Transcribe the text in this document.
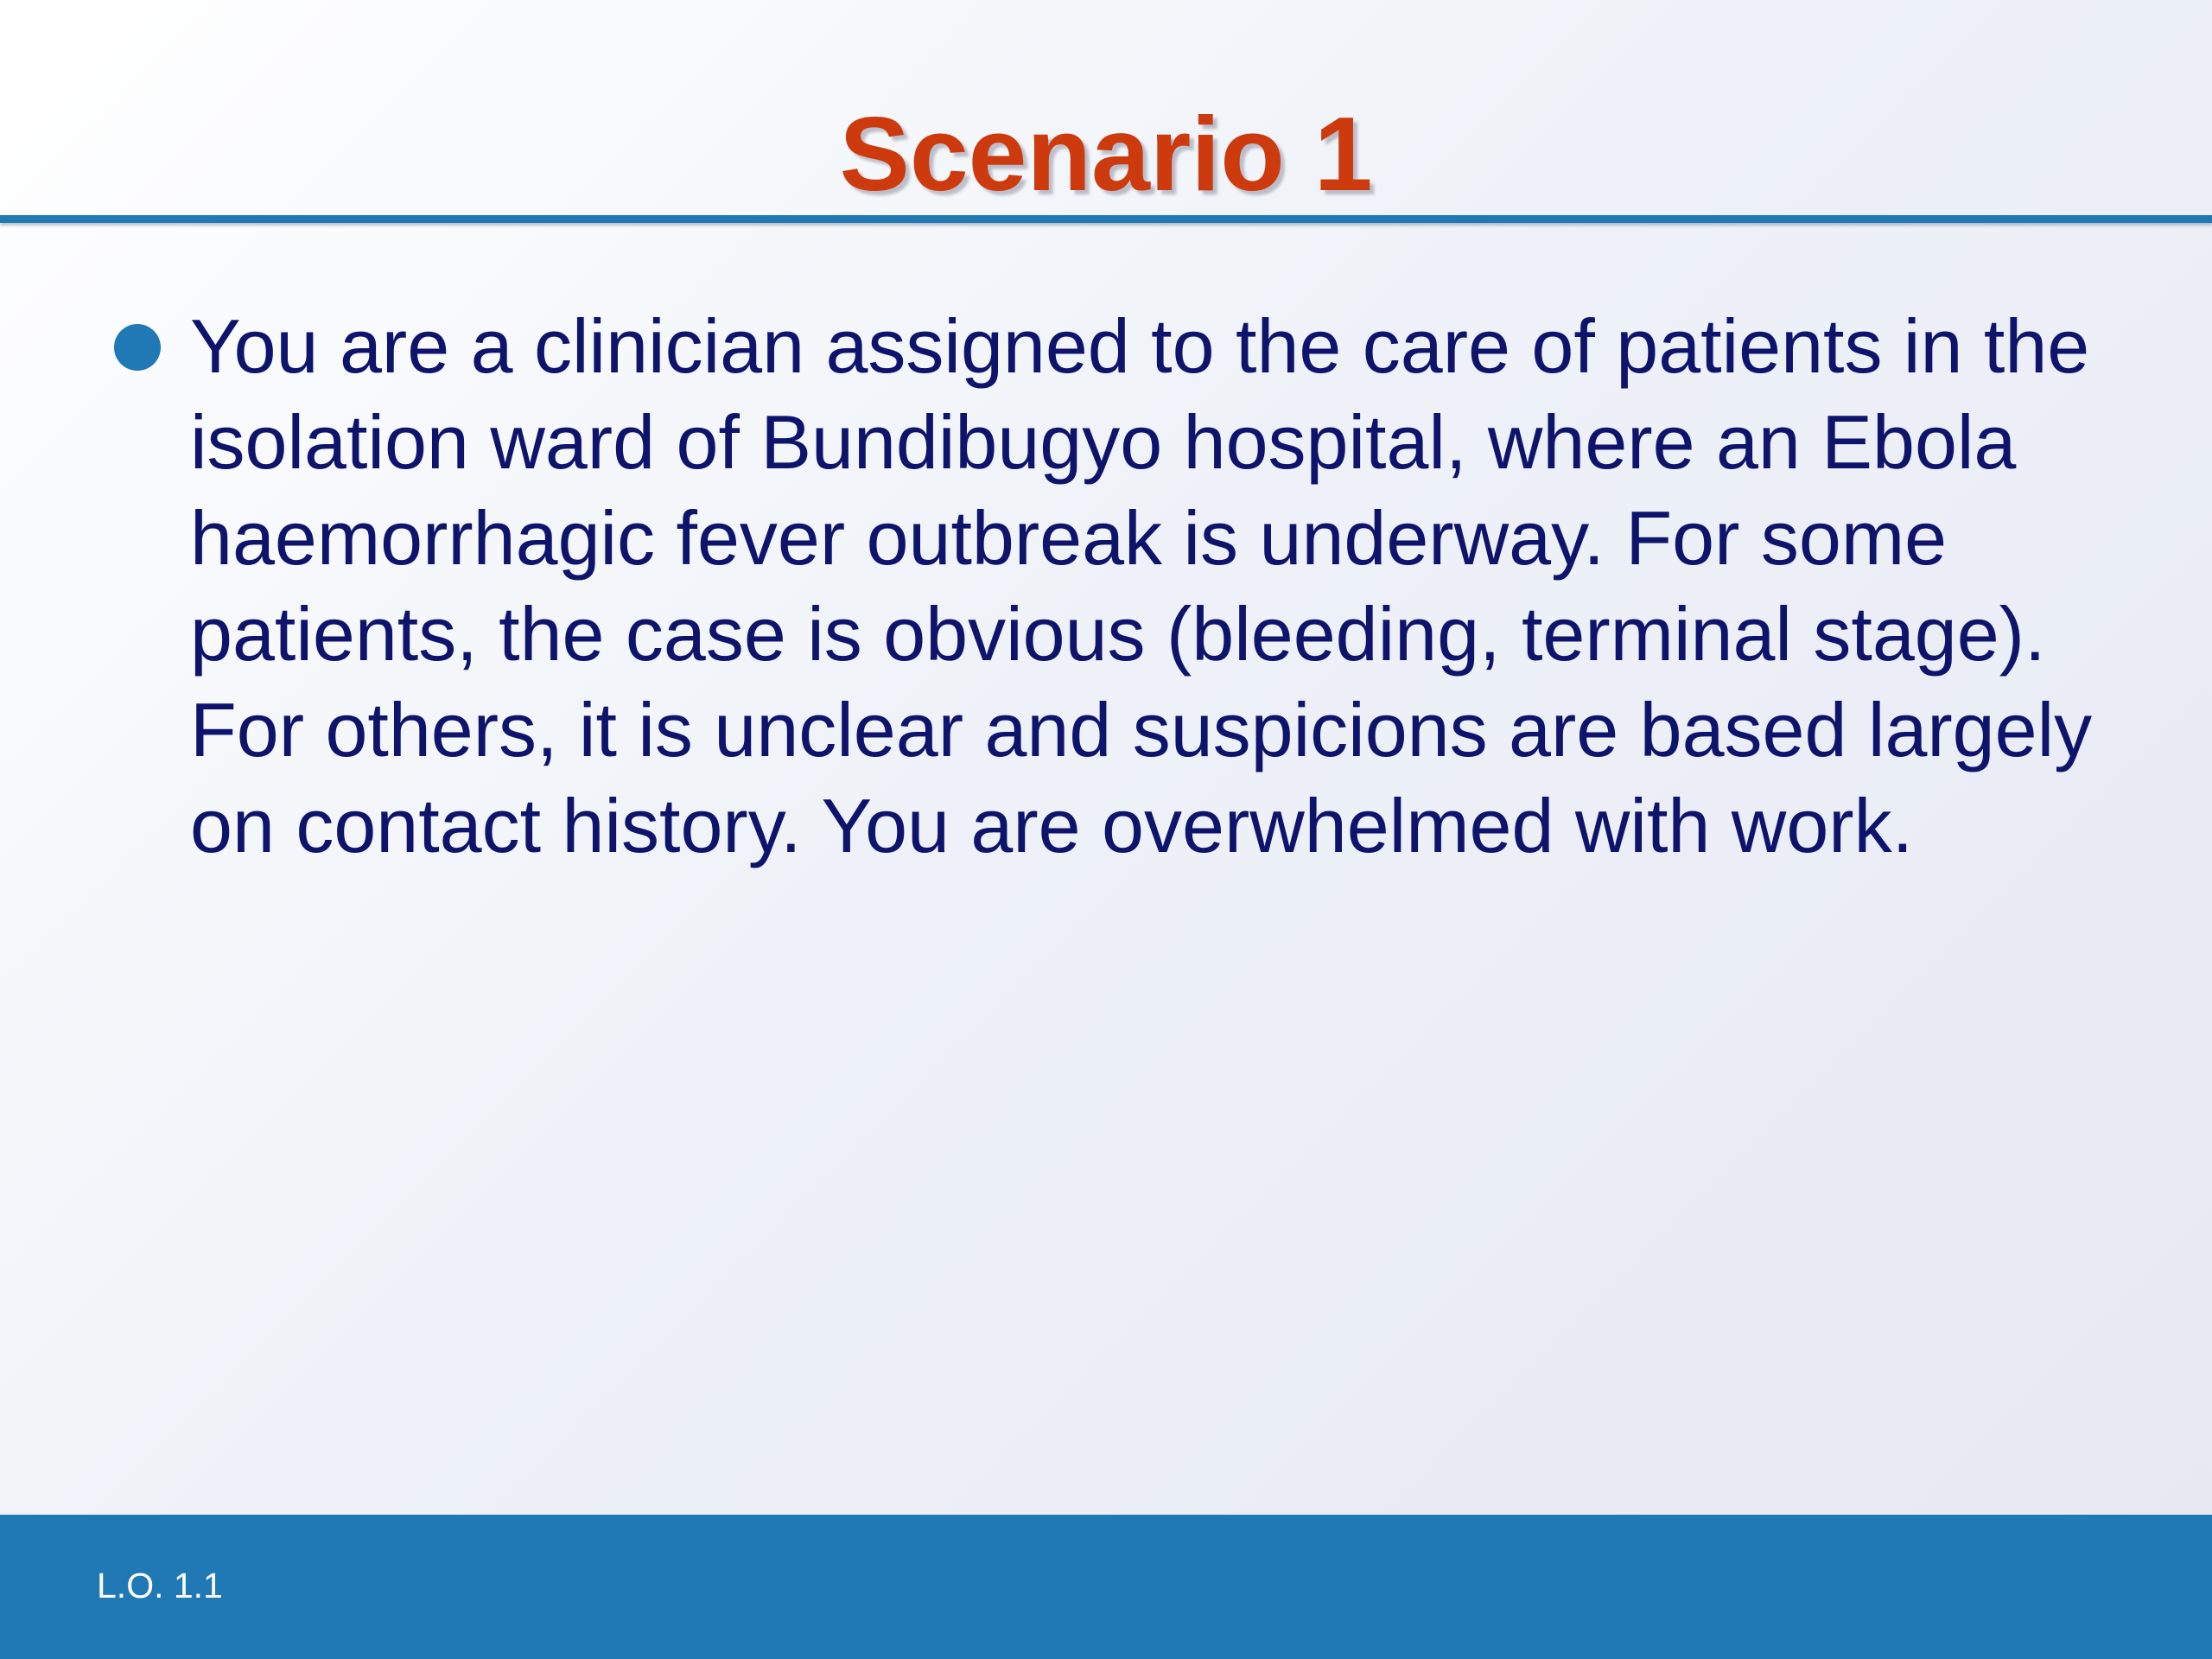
Scenario 1

You are a clinician assigned to the care of patients in the isolation ward of Bundibugyo hospital, where an Ebola haemorrhagic fever outbreak is underway. For some patients, the case is obvious (bleeding, terminal stage). For others, it is unclear and suspicions are based largely on contact history. You are overwhelmed with work.

L.O. 1.1
